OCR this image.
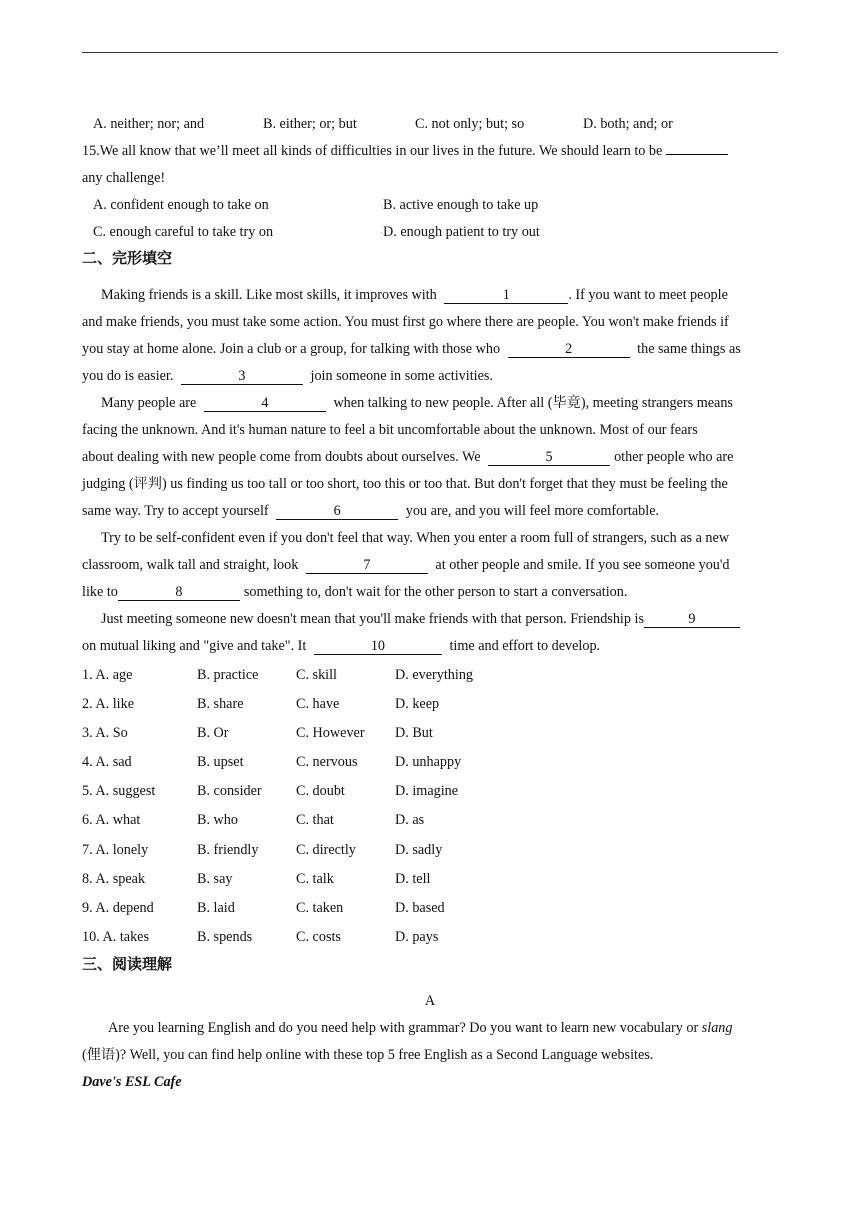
A. neither; nor; and	B. either; or; but	C. not only; but; so	D. both; and; or
15.We all know that we’ll meet all kinds of difficulties in our lives in the future. We should learn to be
any challenge!
A. confident enough to take on	·B. active enough to take up
C. enough careful to take try on	·D. enough patient to try out
二、完形填空
Making friends is a skill. Like most skills, it improves with	1	. If you want to meet people
and make friends, you must take some action. You must first go where there are people. You won't make friends if
you stay at home alone. Join a club or a group, for talking with those who	2	the same things as
you do is easier.	3	join someone in some activities.
Many people are	4	when talking to new people. After all (毕竟), meeting strangers means
facing the unknown. And it's human nature to feel a bit uncomfortable about the unknown. Most of our fears
about dealing with new people come from doubts about ourselves. We	5	other people who are
judging (评判) us finding us too tall or too short, too this or too that. But don't forget that they must be feeling the
same way. Try to accept yourself	6	you are, and you will feel more comfortable.
Try to be self-confident even if you don't feel that way. When you enter a room full of strangers, such as a new
classroom, walk tall and straight, look	7	at other people and smile. If you see someone you'd
like to	8	something to, don't wait for the other person to start a conversation.
Just meeting someone new doesn't mean that you'll make friends with that person. Friendship is	9
on mutual liking and "give and take". It	10	time and effort to develop.
1. A. age	B. practice	C. skill	D. everything
2. A. like	B. share	C. have	D. keep
3. A. So	B. Or	C. However D. But
4. A. sad	B. upset	C. nervous	D. unhappy
5. A. suggest	B. consider C. doubt	D. imagine
6. A. what	B. who	C. that	D. as
7. A. lonely	B. friendly	C. directly	D. sadly
8. A. speak	B. say	C. talk	D. tell
9. A. depend	B. laid	C. taken	D. based
10. A. takes	B. spends	C. costs	D. pays
三、阅读理解
A
Are you learning English and do you need help with grammar? Do you want to learn new vocabulary or slang
(俚语)? Well, you can find help online with these top 5 free English as a Second Language websites.
Dave's ESL Cafe
